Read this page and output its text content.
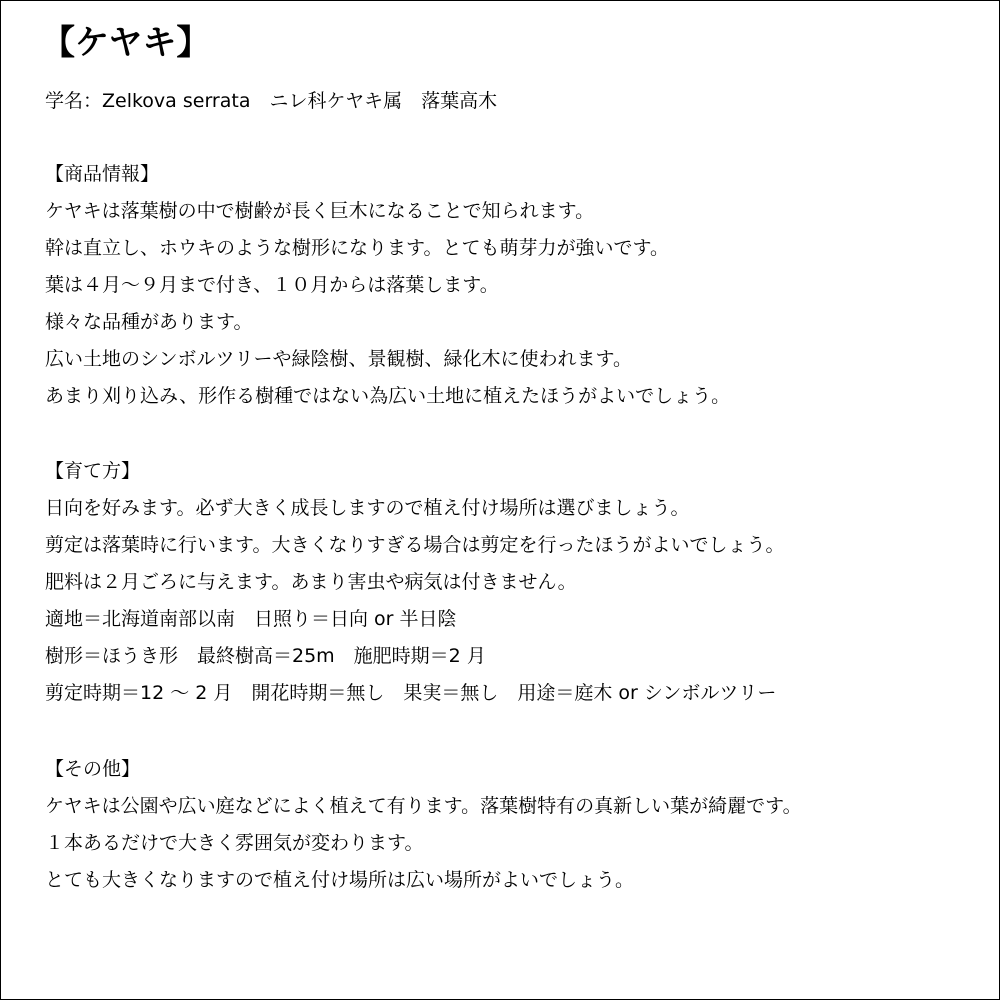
【ケヤキ】

学名：Zelkova serrata　ニレ科ケヤキ属　落葉高木

【商品情報】
ケヤキは落葉樹の中で樹齢が長く巨木になることで知られます。
幹は直立し、ホウキのような樹形になります。とても萌芽力が強いです。
葉は４月～９月まで付き、１０月からは落葉します。
様々な品種があります。
広い土地のシンボルツリーや緑陰樹、景観樹、緑化木に使われます。
あまり刈り込み、形作る樹種ではない為広い土地に植えたほうがよいでしょう。
【育て方】
日向を好みます。必ず大きく成長しますので植え付け場所は選びましょう。
剪定は落葉時に行います。大きくなりすぎる場合は剪定を行ったほうがよいでしょう。
肥料は２月ごろに与えます。あまり害虫や病気は付きません。
適地＝北海道南部以南　日照り＝日向 or 半日陰
樹形＝ほうき形　最終樹高＝25m　施肥時期＝2 月
剪定時期＝12 ～ 2 月　開花時期＝無し　果実＝無し　用途＝庭木 or シンボルツリー
【その他】
ケヤキは公園や広い庭などによく植えて有ります。落葉樹特有の真新しい葉が綺麗です。
１本あるだけで大きく雰囲気が変わります。
とても大きくなりますので植え付け場所は広い場所がよいでしょう。
